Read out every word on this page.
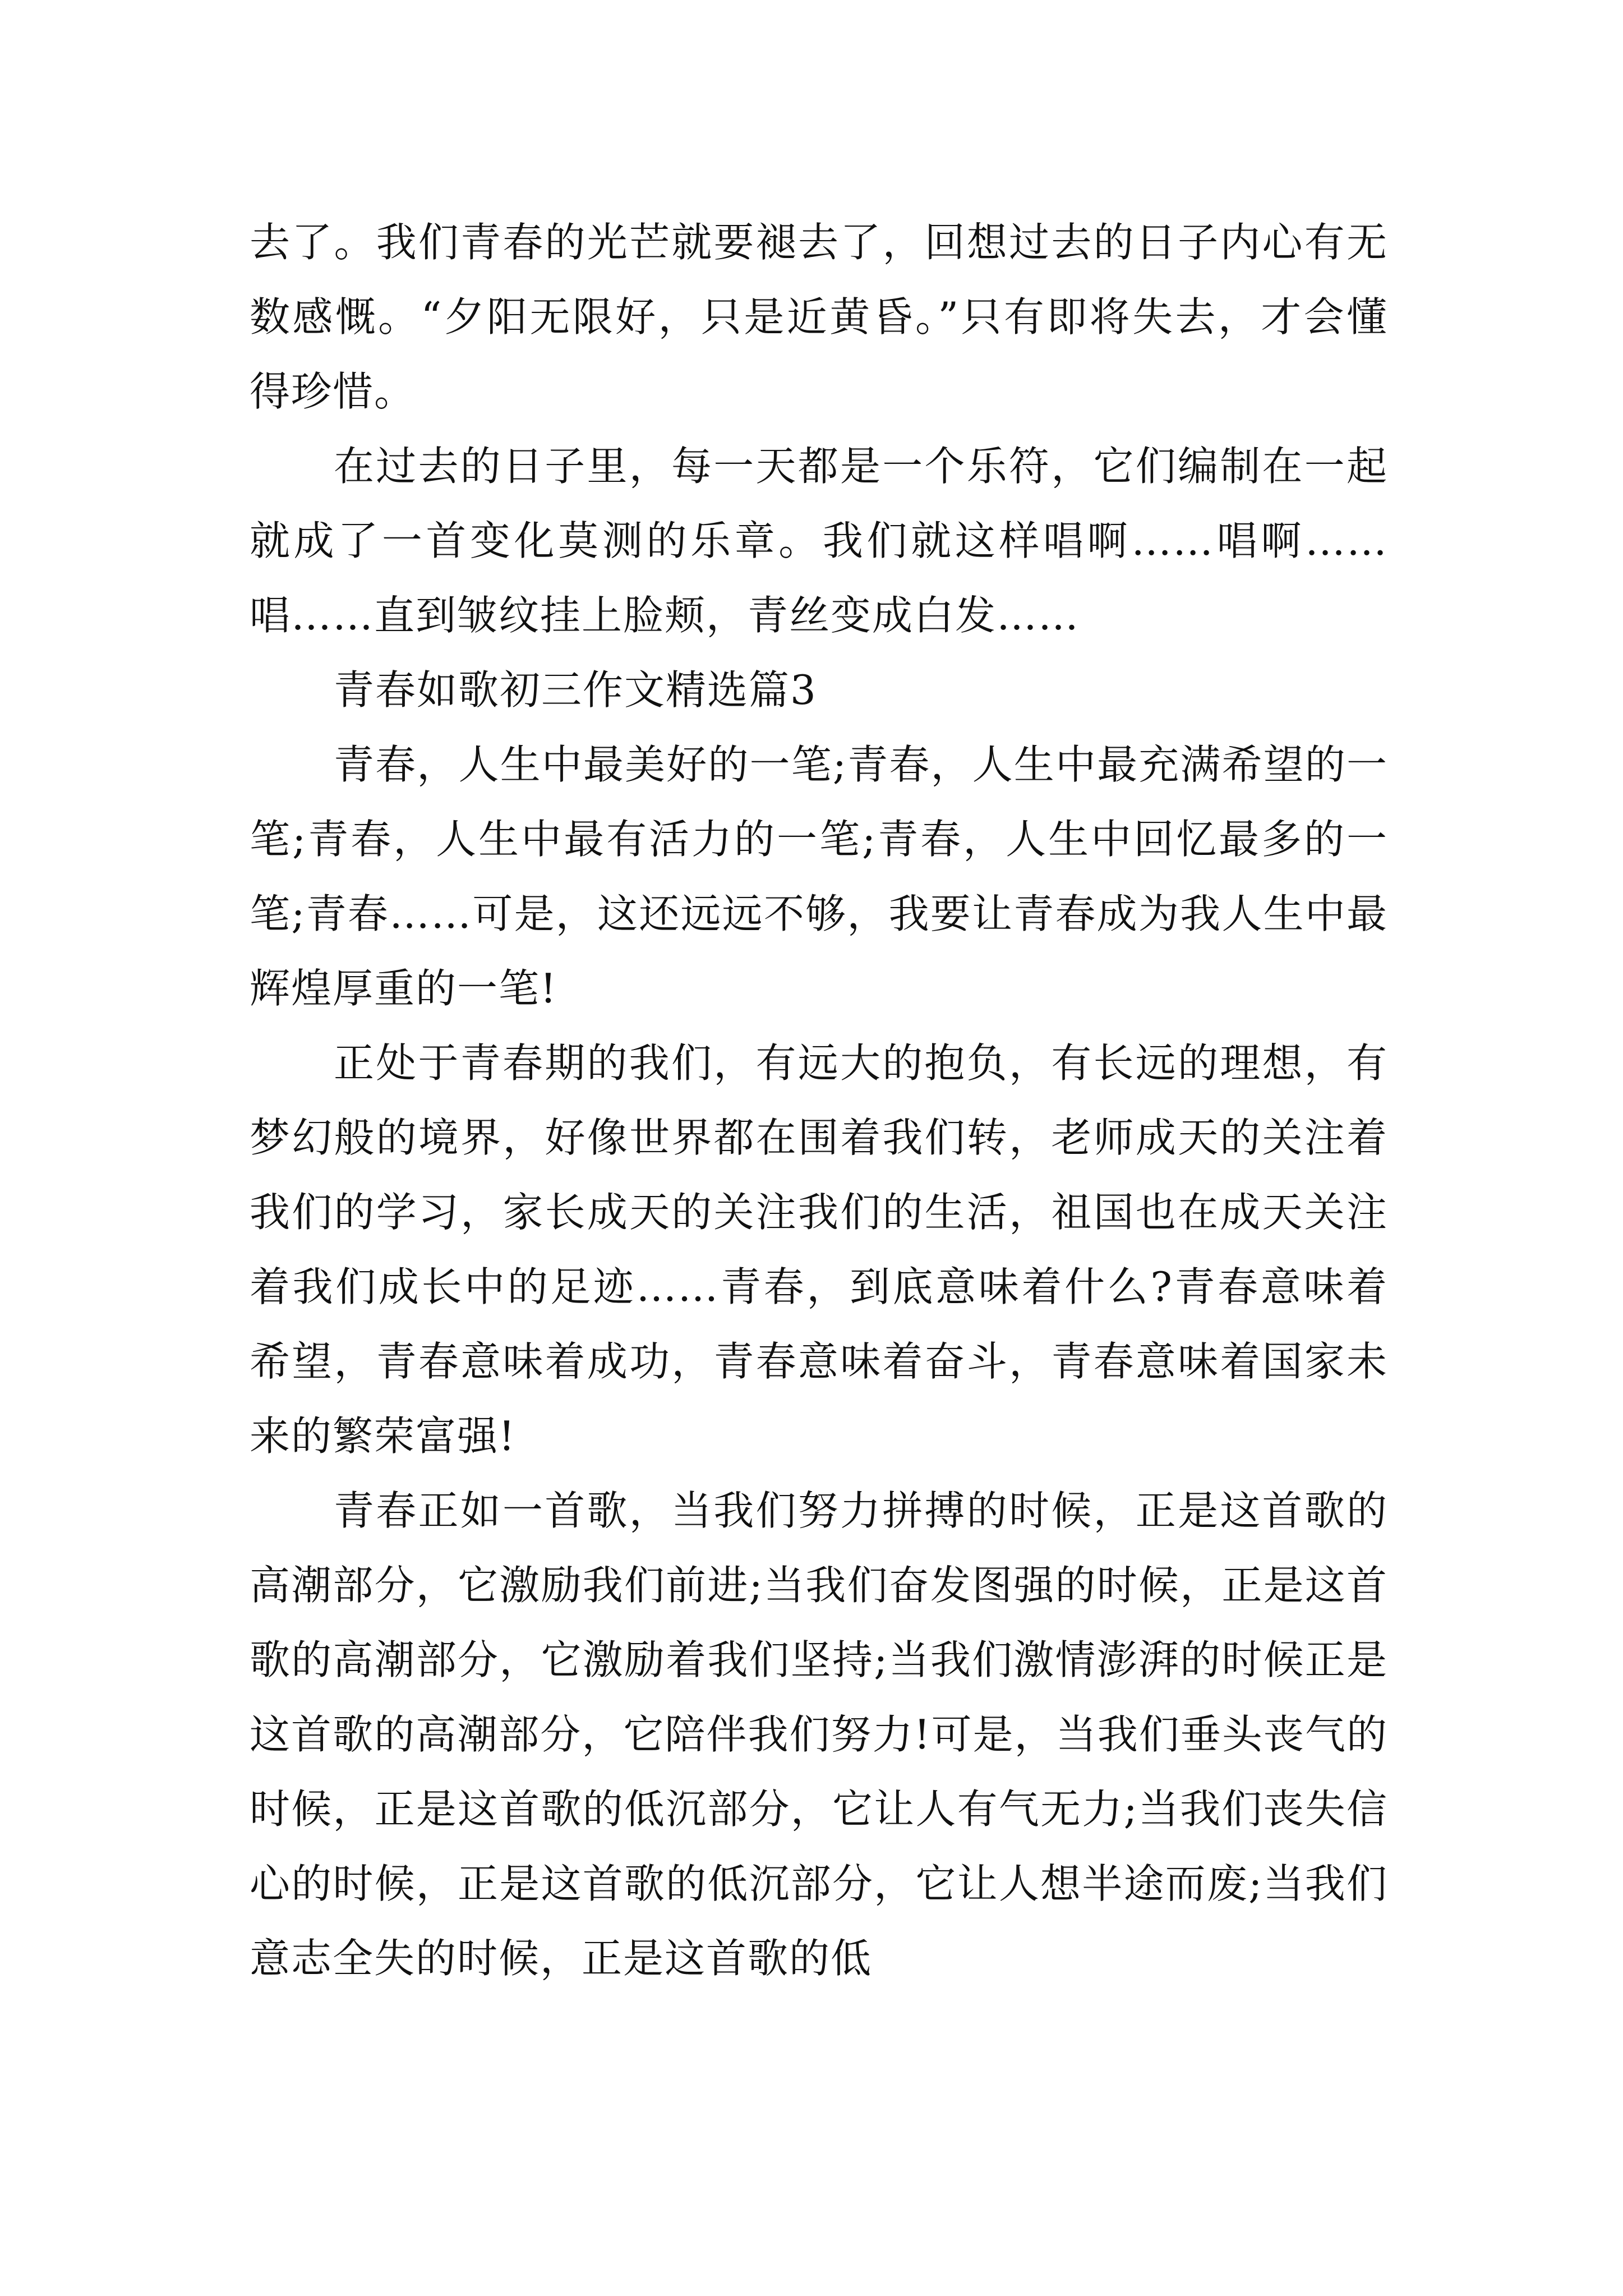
去了。我们青春的光芒就要褪去了，回想过去的日子内心有无数感慨。“夕阳无限好，只是近黄昏。”只有即将失去，才会懂得珍惜。

在过去的日子里，每一天都是一个乐符，它们编制在一起就成了一首变化莫测的乐章。我们就这样唱啊……唱啊……唱……直到皱纹挂上脸颊，青丝变成白发……

青春如歌初三作文精选篇3

青春，人生中最美好的一笔;青春，人生中最充满希望的一笔;青春，人生中最有活力的一笔;青春，人生中回忆最多的一笔;青春……可是，这还远远不够，我要让青春成为我人生中最辉煌厚重的一笔!

正处于青春期的我们，有远大的抱负，有长远的理想，有梦幻般的境界，好像世界都在围着我们转，老师成天的关注着我们的学习，家长成天的关注我们的生活，祖国也在成天关注着我们成长中的足迹……青春，到底意味着什么?青春意味着希望，青春意味着成功，青春意味着奋斗，青春意味着国家未来的繁荣富强!

青春正如一首歌，当我们努力拼搏的时候，正是这首歌的高潮部分，它激励我们前进;当我们奋发图强的时候，正是这首歌的高潮部分，它激励着我们坚持;当我们激情澎湃的时候正是这首歌的高潮部分，它陪伴我们努力!可是，当我们垂头丧气的时候，正是这首歌的低沉部分，它让人有气无力;当我们丧失信心的时候，正是这首歌的低沉部分，它让人想半途而废;当我们意志全失的时候，正是这首歌的低
